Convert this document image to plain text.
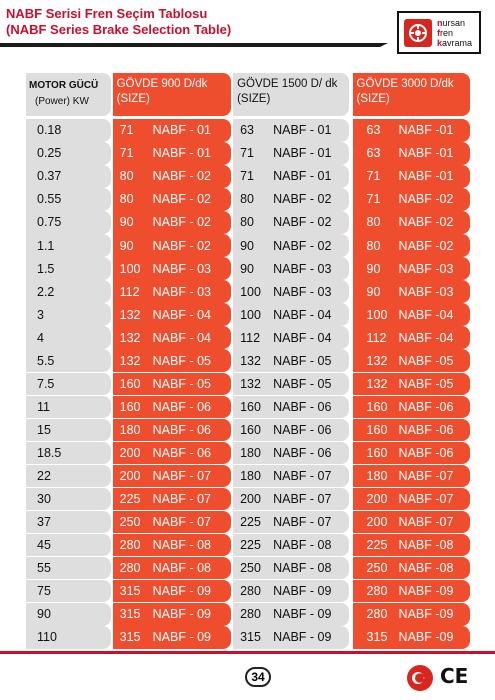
NABF Serisi Fren Seçim Tablosu
(NABF Series Brake Selection Table)	nursan
fren
kavrama
MOTOR GÜCÜ
(Power) KW
GÖVDE 900 D/dk
(SIZE)
GÖVDE 1500 D/ dk
(SIZE)
GÖVDE 3000 D/dk
(SIZE)
0.18	71	NABF - 01	63	NABF - 01	63	NABF -01
0.25	71	NABF - 01	71	NABF - 01	63	NABF -01
0.37	80	NABF - 02	71	NABF - 01	71	NABF -01
0.55	80	NABF - 02	80	NABF - 02	71	NABF -02
0.75	90	NABF - 02	80	NABF - 02	80	NABF -02
1.1	90	NABF - 02	90	NABF - 02	80	NABF -02
1.5	100 NABF - 03	90	NABF - 03	90	NABF -03
2.2	112	NABF - 03	100 NABF - 03	90	NABF -03
3	132 NABF - 04	100 NABF - 04	100 NABF -04
4	132 NABF - 04	112	NABF - 04	112 NABF -04
5.5	132 NABF - 05	132 NABF - 05	132 NABF -05
7.5	160 NABF - 05	132 NABF - 05	132 NABF -05
11	160 NABF - 06	160 NABF - 06	160 NABF -06
15	180 NABF - 06	160 NABF - 06	160 NABF -06
18.5	200 NABF - 06	180 NABF - 06	160 NABF -06
22	200 NABF - 07	180 NABF - 07	180 NABF -07
30	225 NABF - 07	200 NABF - 07	200 NABF -07
37	250 NABF - 07	225 NABF - 07	200 NABF -07
45	280 NABF - 08	225 NABF - 08	225 NABF -08
55	280 NABF - 08	250 NABF - 08	250 NABF -08
75	315 NABF - 09	280 NABF - 09	280 NABF -09
90	315 NABF - 09	280 NABF - 09	280 NABF -09
110	315 NABF - 09	315 NABF - 09	315 NABF -09
34	CE
